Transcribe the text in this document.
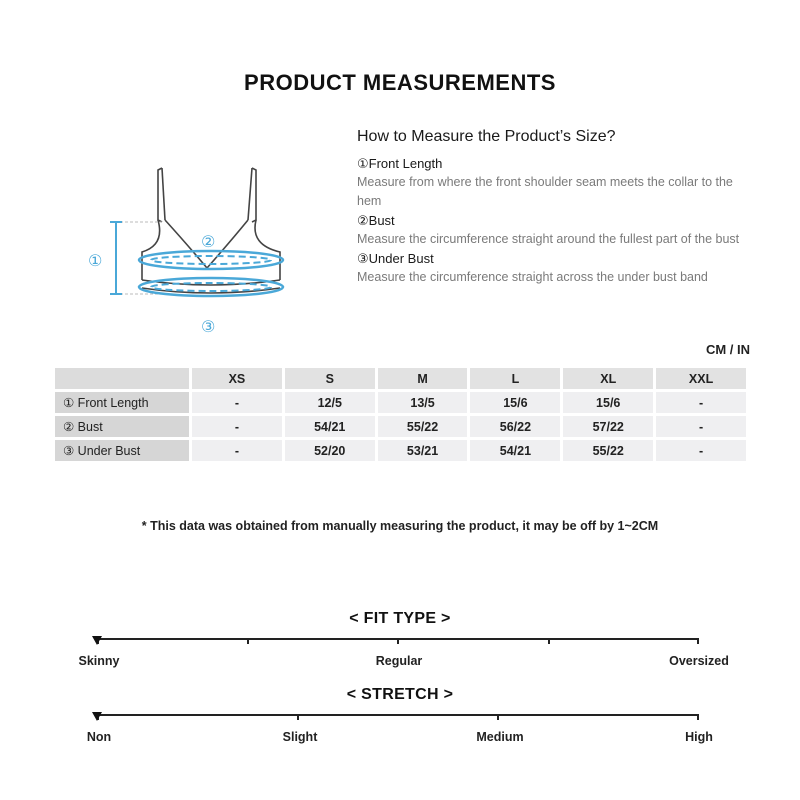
PRODUCT MEASUREMENTS
①
②
③
How to Measure the Product’s Size?
①Front Length
Measure from where the front shoulder seam meets the collar to the hem
②Bust
Measure the circumference straight around the fullest part of the bust
③Under Bust
Measure the circumference straight across the under bust band
CM / IN
	XS	S	M	L	XL	XXL
① Front Length	-	12/5	13/5	15/6	15/6	-
② Bust	-	54/21	55/22	56/22	57/22	-
③ Under Bust	-	52/20	53/21	54/21	55/22	-
* This data was obtained from manually measuring the product, it may be off by 1~2CM
< FIT TYPE >
Skinny	Regular	Oversized
< STRETCH >
Non	Slight	Medium	High
